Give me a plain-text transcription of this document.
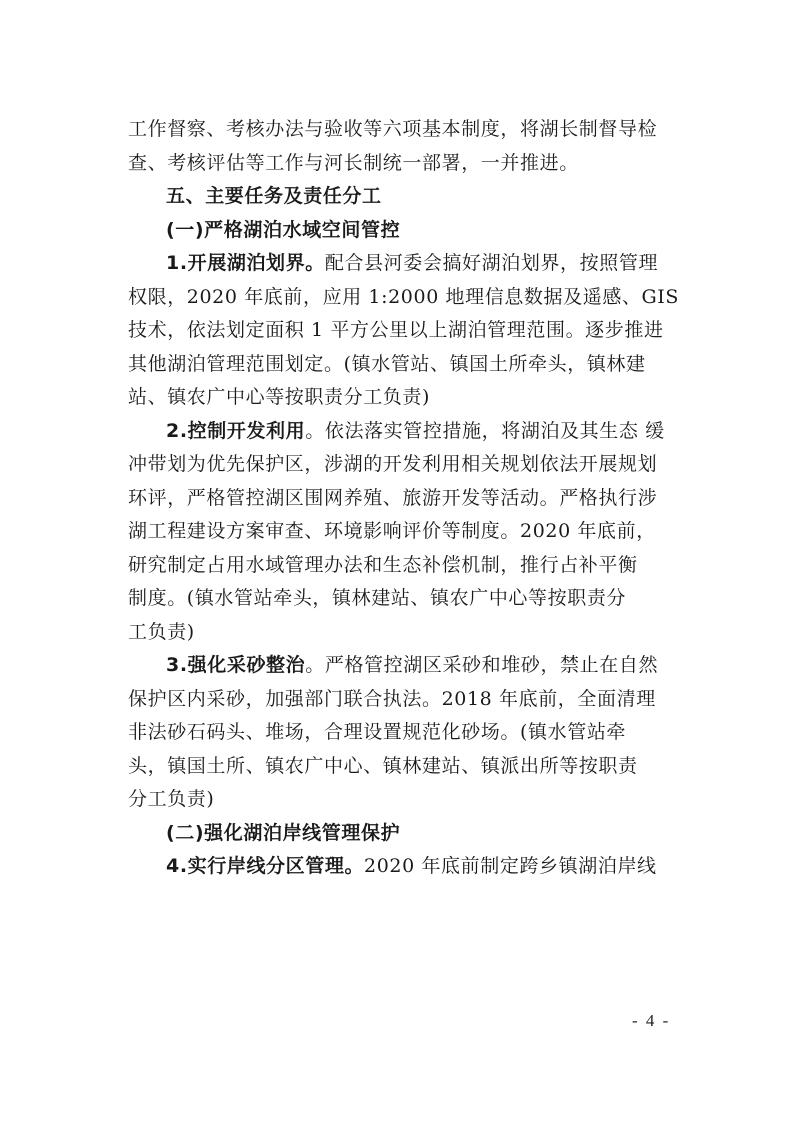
工作督察、考核办法与验收等六项基本制度，将湖长制督导检
查、考核评估等工作与河长制统一部署，一并推进。
五、主要任务及责任分工
(一)严格湖泊水域空间管控
1.开展湖泊划界。配合县河委会搞好湖泊划界，按照管理
权限，2020 年底前，应用 1:2000 地理信息数据及遥感、GIS
技术，依法划定面积 1 平方公里以上湖泊管理范围。逐步推进
其他湖泊管理范围划定。(镇水管站、镇国土所牵头，镇林建
站、镇农广中心等按职责分工负责)
2.控制开发利用。依法落实管控措施，将湖泊及其生态 缓
冲带划为优先保护区，涉湖的开发利用相关规划依法开展规划
环评，严格管控湖区围网养殖、旅游开发等活动。严格执行涉
湖工程建设方案审查、环境影响评价等制度。2020 年底前，
研究制定占用水域管理办法和生态补偿机制，推行占补平衡
制度。(镇水管站牵头，镇林建站、镇农广中心等按职责分
工负责)
3.强化采砂整治。严格管控湖区采砂和堆砂，禁止在自然
保护区内采砂，加强部门联合执法。2018 年底前，全面清理
非法砂石码头、堆场，合理设置规范化砂场。(镇水管站牵
头，镇国土所、镇农广中心、镇林建站、镇派出所等按职责
分工负责)
(二)强化湖泊岸线管理保护
4.实行岸线分区管理。2020 年底前制定跨乡镇湖泊岸线
- 4 -
